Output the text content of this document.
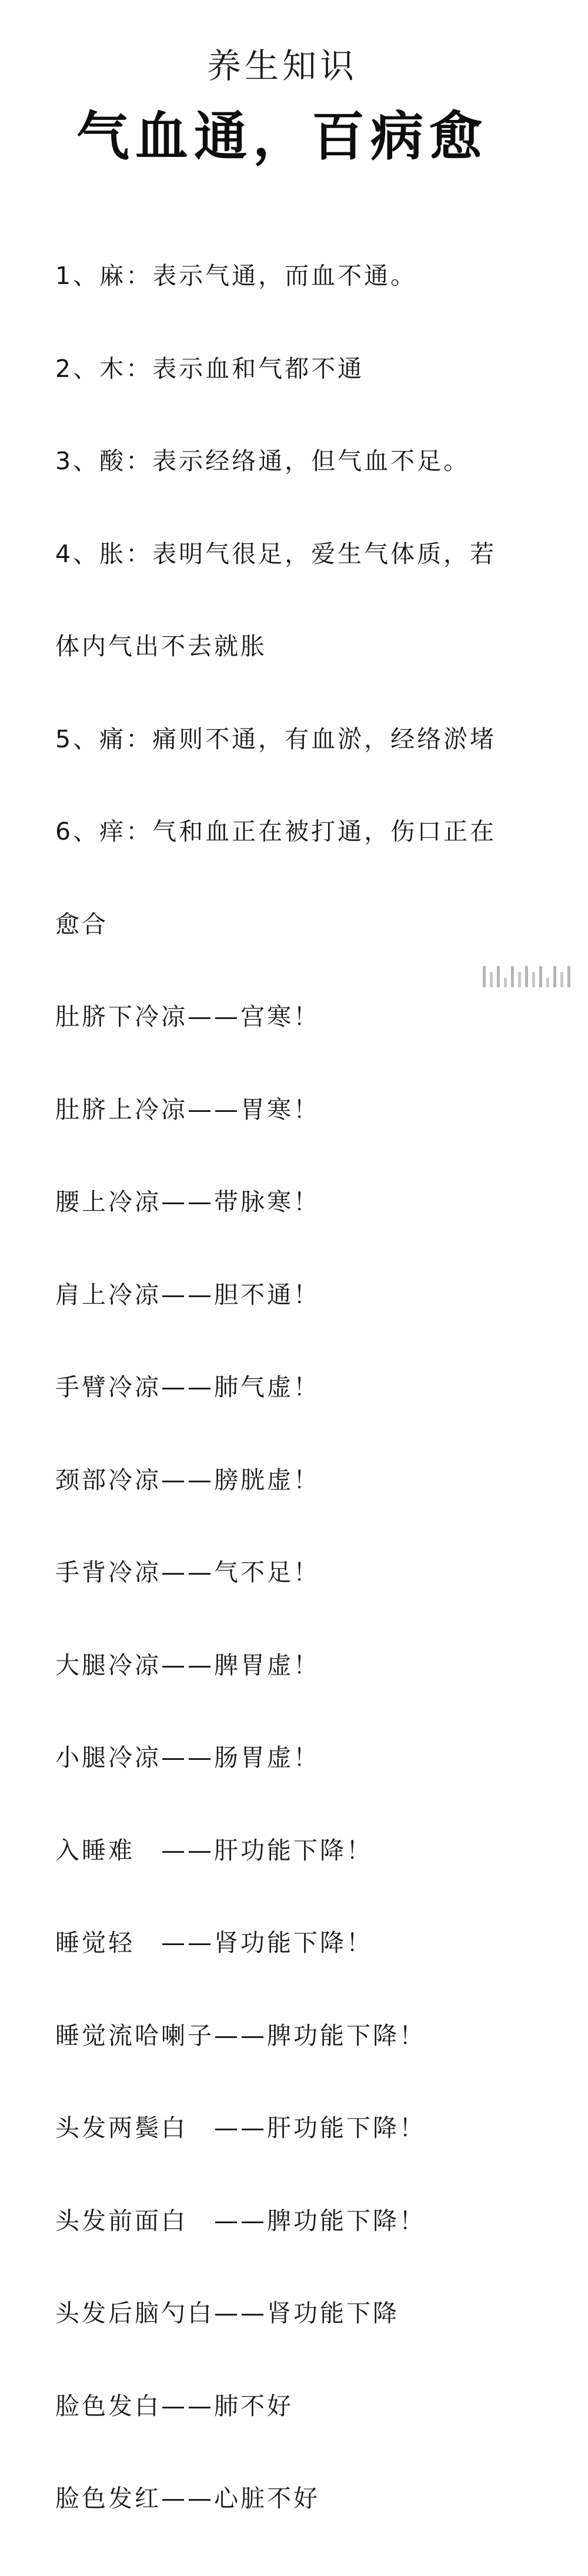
养生知识
气血通，百病愈

1、麻：表示气通，而血不通。

2、木：表示血和气都不通

3、酸：表示经络通，但气血不足。

4、胀：表明气很足，爱生气体质，若

体内气出不去就胀

5、痛：痛则不通，有血淤，经络淤堵

6、痒：气和血正在被打通，伤口正在

愈合

肚脐下冷凉——宫寒！

肚脐上冷凉——胃寒！

腰上冷凉——带脉寒！

肩上冷凉——胆不通！

手臂冷凉——肺气虚！

颈部冷凉——膀胱虚！

手背冷凉——气不足！

大腿冷凉——脾胃虚！

小腿冷凉——肠胃虚！

入睡难　——肝功能下降！

睡觉轻　——肾功能下降！

睡觉流哈喇子——脾功能下降！

头发两鬓白　——肝功能下降！

头发前面白　——脾功能下降！

头发后脑勺白——肾功能下降

脸色发白——肺不好

脸色发红——心脏不好
